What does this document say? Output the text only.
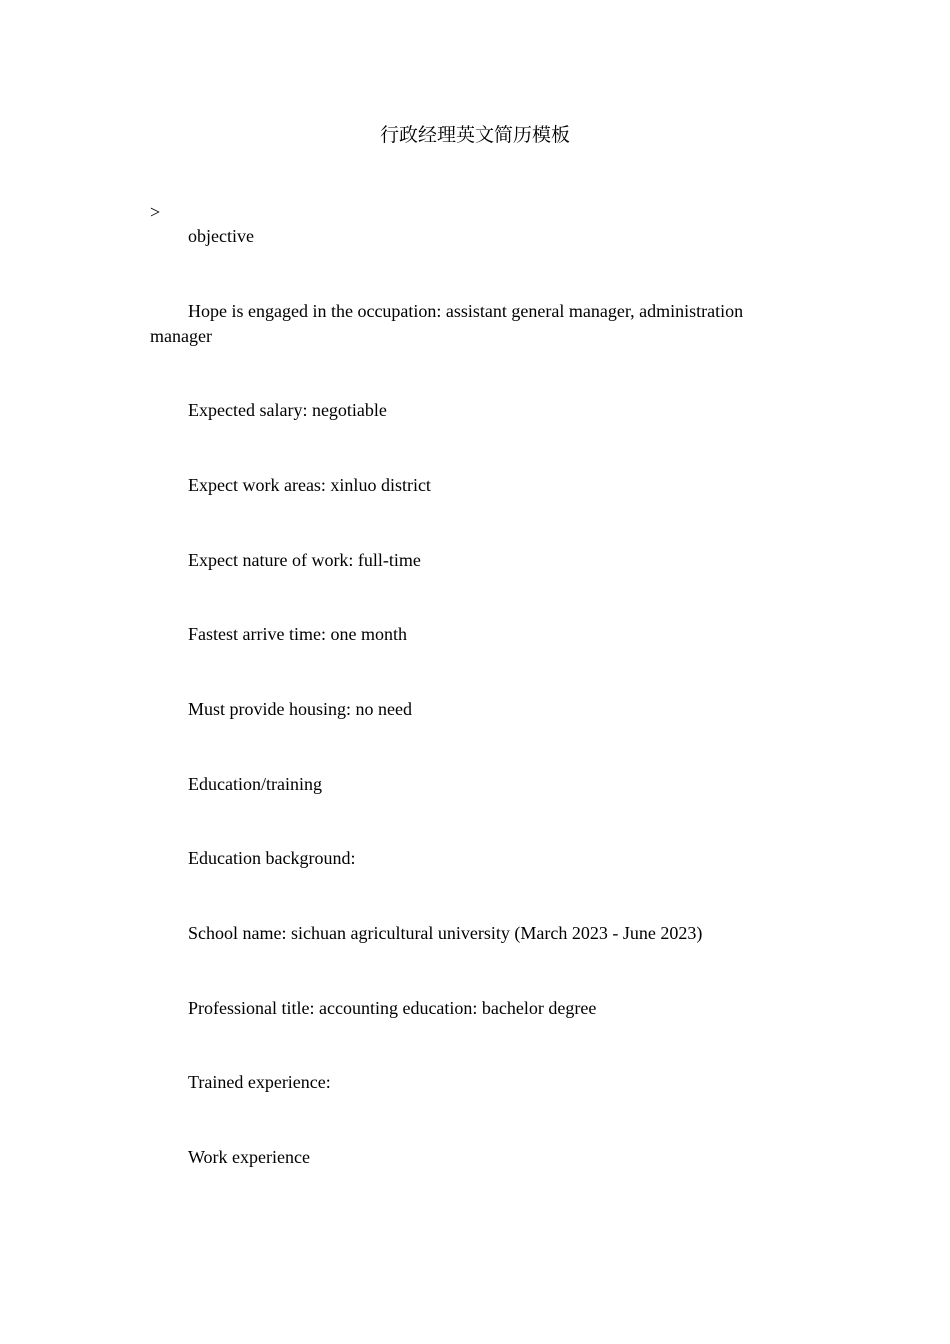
行政经理英文简历模板
>
objective
Hope is engaged in the occupation: assistant general manager, administration manager
Expected salary: negotiable
Expect work areas: xinluo district
Expect nature of work: full-time
Fastest arrive time: one month
Must provide housing: no need
Education/training
Education background:
School name: sichuan agricultural university (March 2023 - June 2023)
Professional title: accounting education: bachelor degree
Trained experience:
Work experience
